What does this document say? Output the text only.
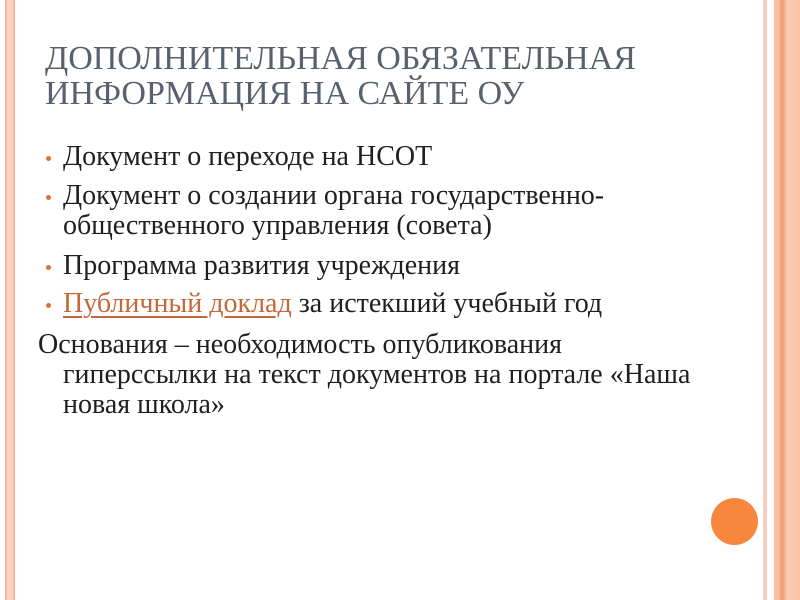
ДОПОЛНИТЕЛЬНАЯ ОБЯЗАТЕЛЬНАЯ
ИНФОРМАЦИЯ НА САЙТЕ ОУ
Документ о переходе на НСОТ
Документ о создании органа государственно-общественного управления (совета)
Программа развития учреждения
Публичный доклад за истекший учебный год
Основания – необходимость опубликования гиперссылки на текст документов на портале «Наша новая школа»
